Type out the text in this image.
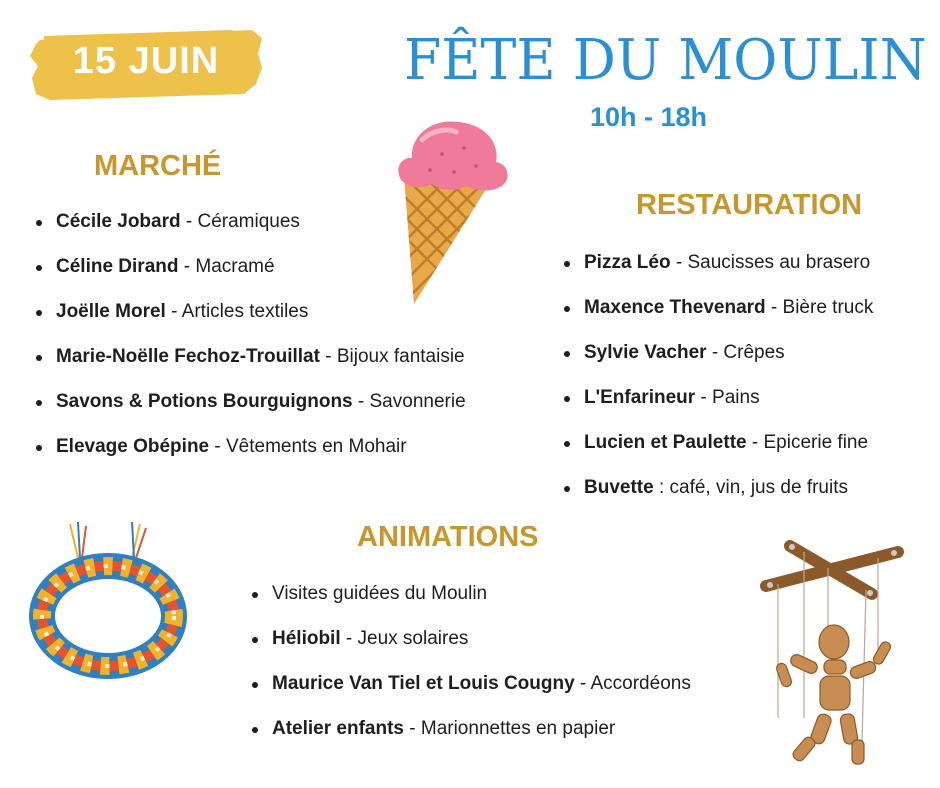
15 JUIN	FÊTE DU MOULIN
10h - 18h
MARCHÉ
RESTAURATION
ANIMATIONS
Cécile Jobard - Céramiques
Céline Dirand - Macramé
Joëlle Morel - Articles textiles
Marie-Noëlle Fechoz-Trouillat - Bijoux fantaisie
Savons & Potions Bourguignons - Savonnerie
Elevage Obépine - Vêtements en Mohair
Pizza Léo - Saucisses au brasero
Maxence Thevenard - Bière truck
Sylvie Vacher - Crêpes
L'Enfarineur - Pains
Lucien et Paulette - Epicerie fine
Buvette : café, vin, jus de fruits
Visites guidées du Moulin
Héliobil - Jeux solaires
Maurice Van Tiel et Louis Cougny - Accordéons
Atelier enfants - Marionnettes en papier
